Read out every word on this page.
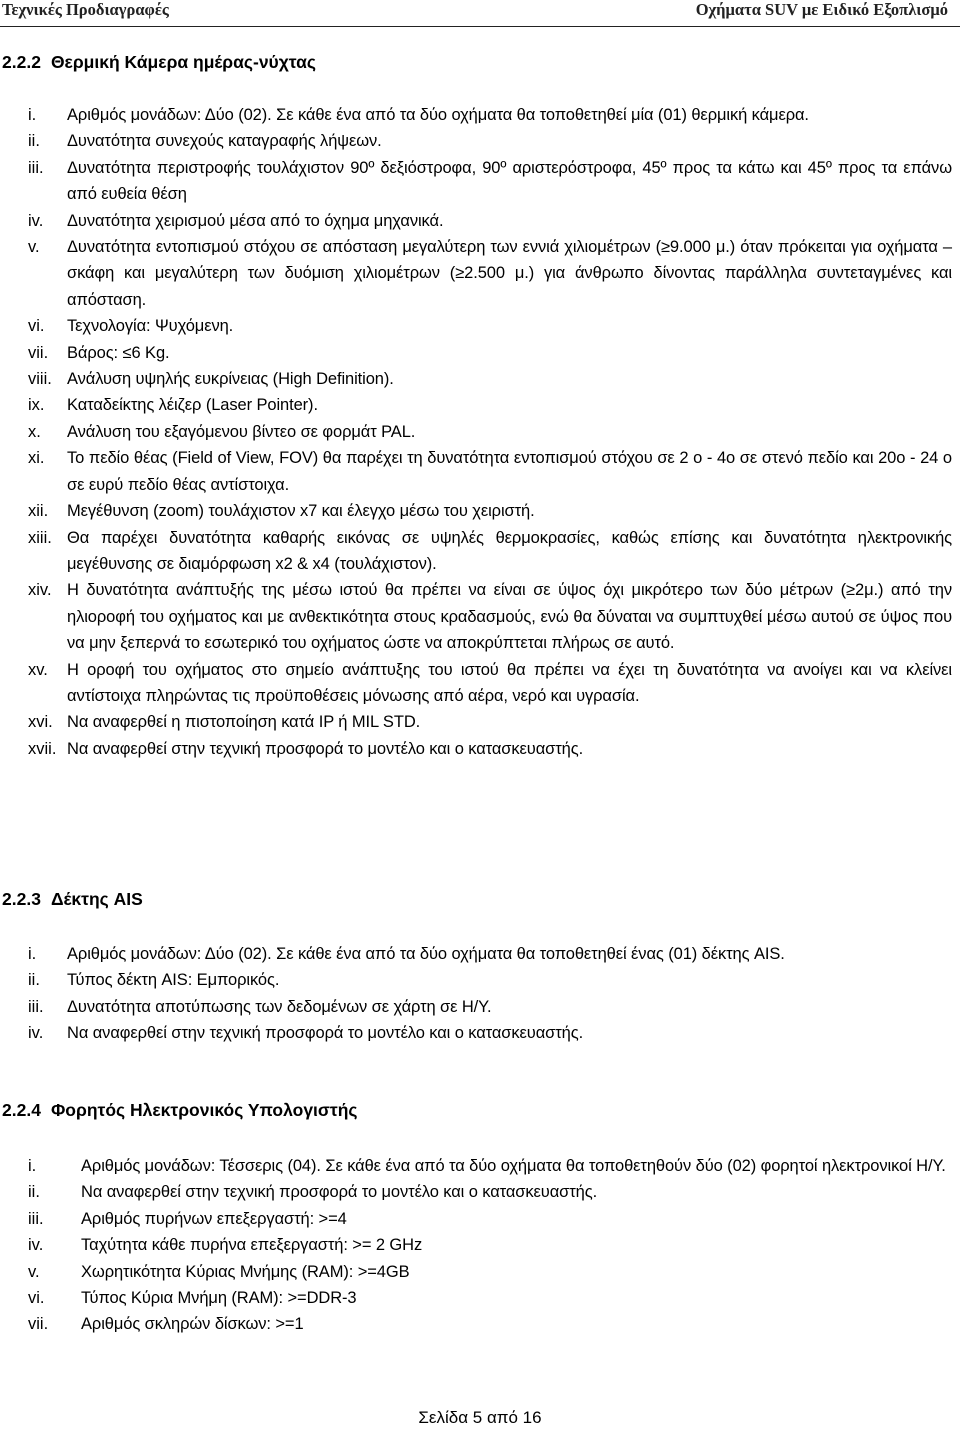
Τεχνικές Προδιαγραφές	Οχήματα SUV με Ειδικό Εξοπλισμό
2.2.2 Θερμική Κάμερα ημέρας-νύχτας
i. Αριθμός μονάδων: Δύο (02). Σε κάθε ένα από τα δύο οχήματα θα τοποθετηθεί μία (01) θερμική κάμερα.
ii. Δυνατότητα συνεχούς καταγραφής λήψεων.
iii. Δυνατότητα περιστροφής τουλάχιστον 90º δεξιόστροφα, 90º αριστερόστροφα, 45º προς τα κάτω και 45º προς τα επάνω από ευθεία θέση
iv. Δυνατότητα χειρισμού μέσα από το όχημα μηχανικά.
v. Δυνατότητα εντοπισμού στόχου σε απόσταση μεγαλύτερη των εννιά χιλιομέτρων (≥9.000 μ.) όταν πρόκειται για οχήματα – σκάφη και μεγαλύτερη των δυόμιση χιλιομέτρων (≥2.500 μ.) για άνθρωπο δίνοντας παράλληλα συντεταγμένες και απόσταση.
vi. Τεχνολογία: Ψυχόμενη.
vii. Βάρος: ≤6 Kg.
viii. Ανάλυση υψηλής ευκρίνειας (High Definition).
ix. Καταδείκτης λέιζερ (Laser Pointer).
x. Ανάλυση του εξαγόμενου βίντεο σε φορμάτ PAL.
xi. Το πεδίο θέας (Field of View, FOV) θα παρέχει τη δυνατότητα εντοπισμού στόχου σε 2 ο - 4ο σε στενό πεδίο και 20ο - 24 ο σε ευρύ πεδίο θέας αντίστοιχα.
xii. Μεγέθυνση (zoom) τουλάχιστον x7 και έλεγχο μέσω του χειριστή.
xiii. Θα παρέχει δυνατότητα καθαρής εικόνας σε υψηλές θερμοκρασίες, καθώς επίσης και δυνατότητα ηλεκτρονικής μεγέθυνσης σε διαμόρφωση x2 & x4 (τουλάχιστον).
xiv. Η δυνατότητα ανάπτυξής της μέσω ιστού θα πρέπει να είναι σε ύψος όχι μικρότερο των δύο μέτρων (≥2μ.) από την ηλιοροφή του οχήματος και με ανθεκτικότητα στους κραδασμούς, ενώ θα δύναται να συμπτυχθεί μέσω αυτού σε ύψος που να μην ξεπερνά το εσωτερικό του οχήματος ώστε να αποκρύπτεται πλήρως σε αυτό.
xv. Η οροφή του οχήματος στο σημείο ανάπτυξης του ιστού θα πρέπει να έχει τη δυνατότητα να ανοίγει και να κλείνει αντίστοιχα πληρώντας τις προϋποθέσεις μόνωσης από αέρα, νερό και υγρασία.
xvi. Να αναφερθεί η πιστοποίηση κατά IP ή MIL STD.
xvii. Να αναφερθεί στην τεχνική προσφορά το μοντέλο και ο κατασκευαστής.
2.2.3 Δέκτης AIS
i. Αριθμός μονάδων: Δύο (02). Σε κάθε ένα από τα δύο οχήματα θα τοποθετηθεί ένας (01) δέκτης AIS.
ii. Τύπος δέκτη AIS: Εμπορικός.
iii. Δυνατότητα αποτύπωσης των δεδομένων σε χάρτη σε Η/Υ.
iv. Να αναφερθεί στην τεχνική προσφορά το μοντέλο και ο κατασκευαστής.
2.2.4 Φορητός Ηλεκτρονικός Υπολογιστής
i.	Αριθμός μονάδων: Τέσσερις (04). Σε κάθε ένα από τα δύο οχήματα θα τοποθετηθούν δύο (02) φορητοί ηλεκτρονικοί Η/Υ.
ii. Να αναφερθεί στην τεχνική προσφορά το μοντέλο και ο κατασκευαστής.
iii. Αριθμός πυρήνων επεξεργαστή: >=4
iv. Ταχύτητα κάθε πυρήνα επεξεργαστή: >= 2 GHz
v.	Χωρητικότητα Κύριας Μνήμης (RAM): >=4GB
vi. Τύπος Κύρια Μνήμη (RAM): >=DDR-3
vii. Αριθμός σκληρών δίσκων: >=1
Σελίδα 5 από 16
